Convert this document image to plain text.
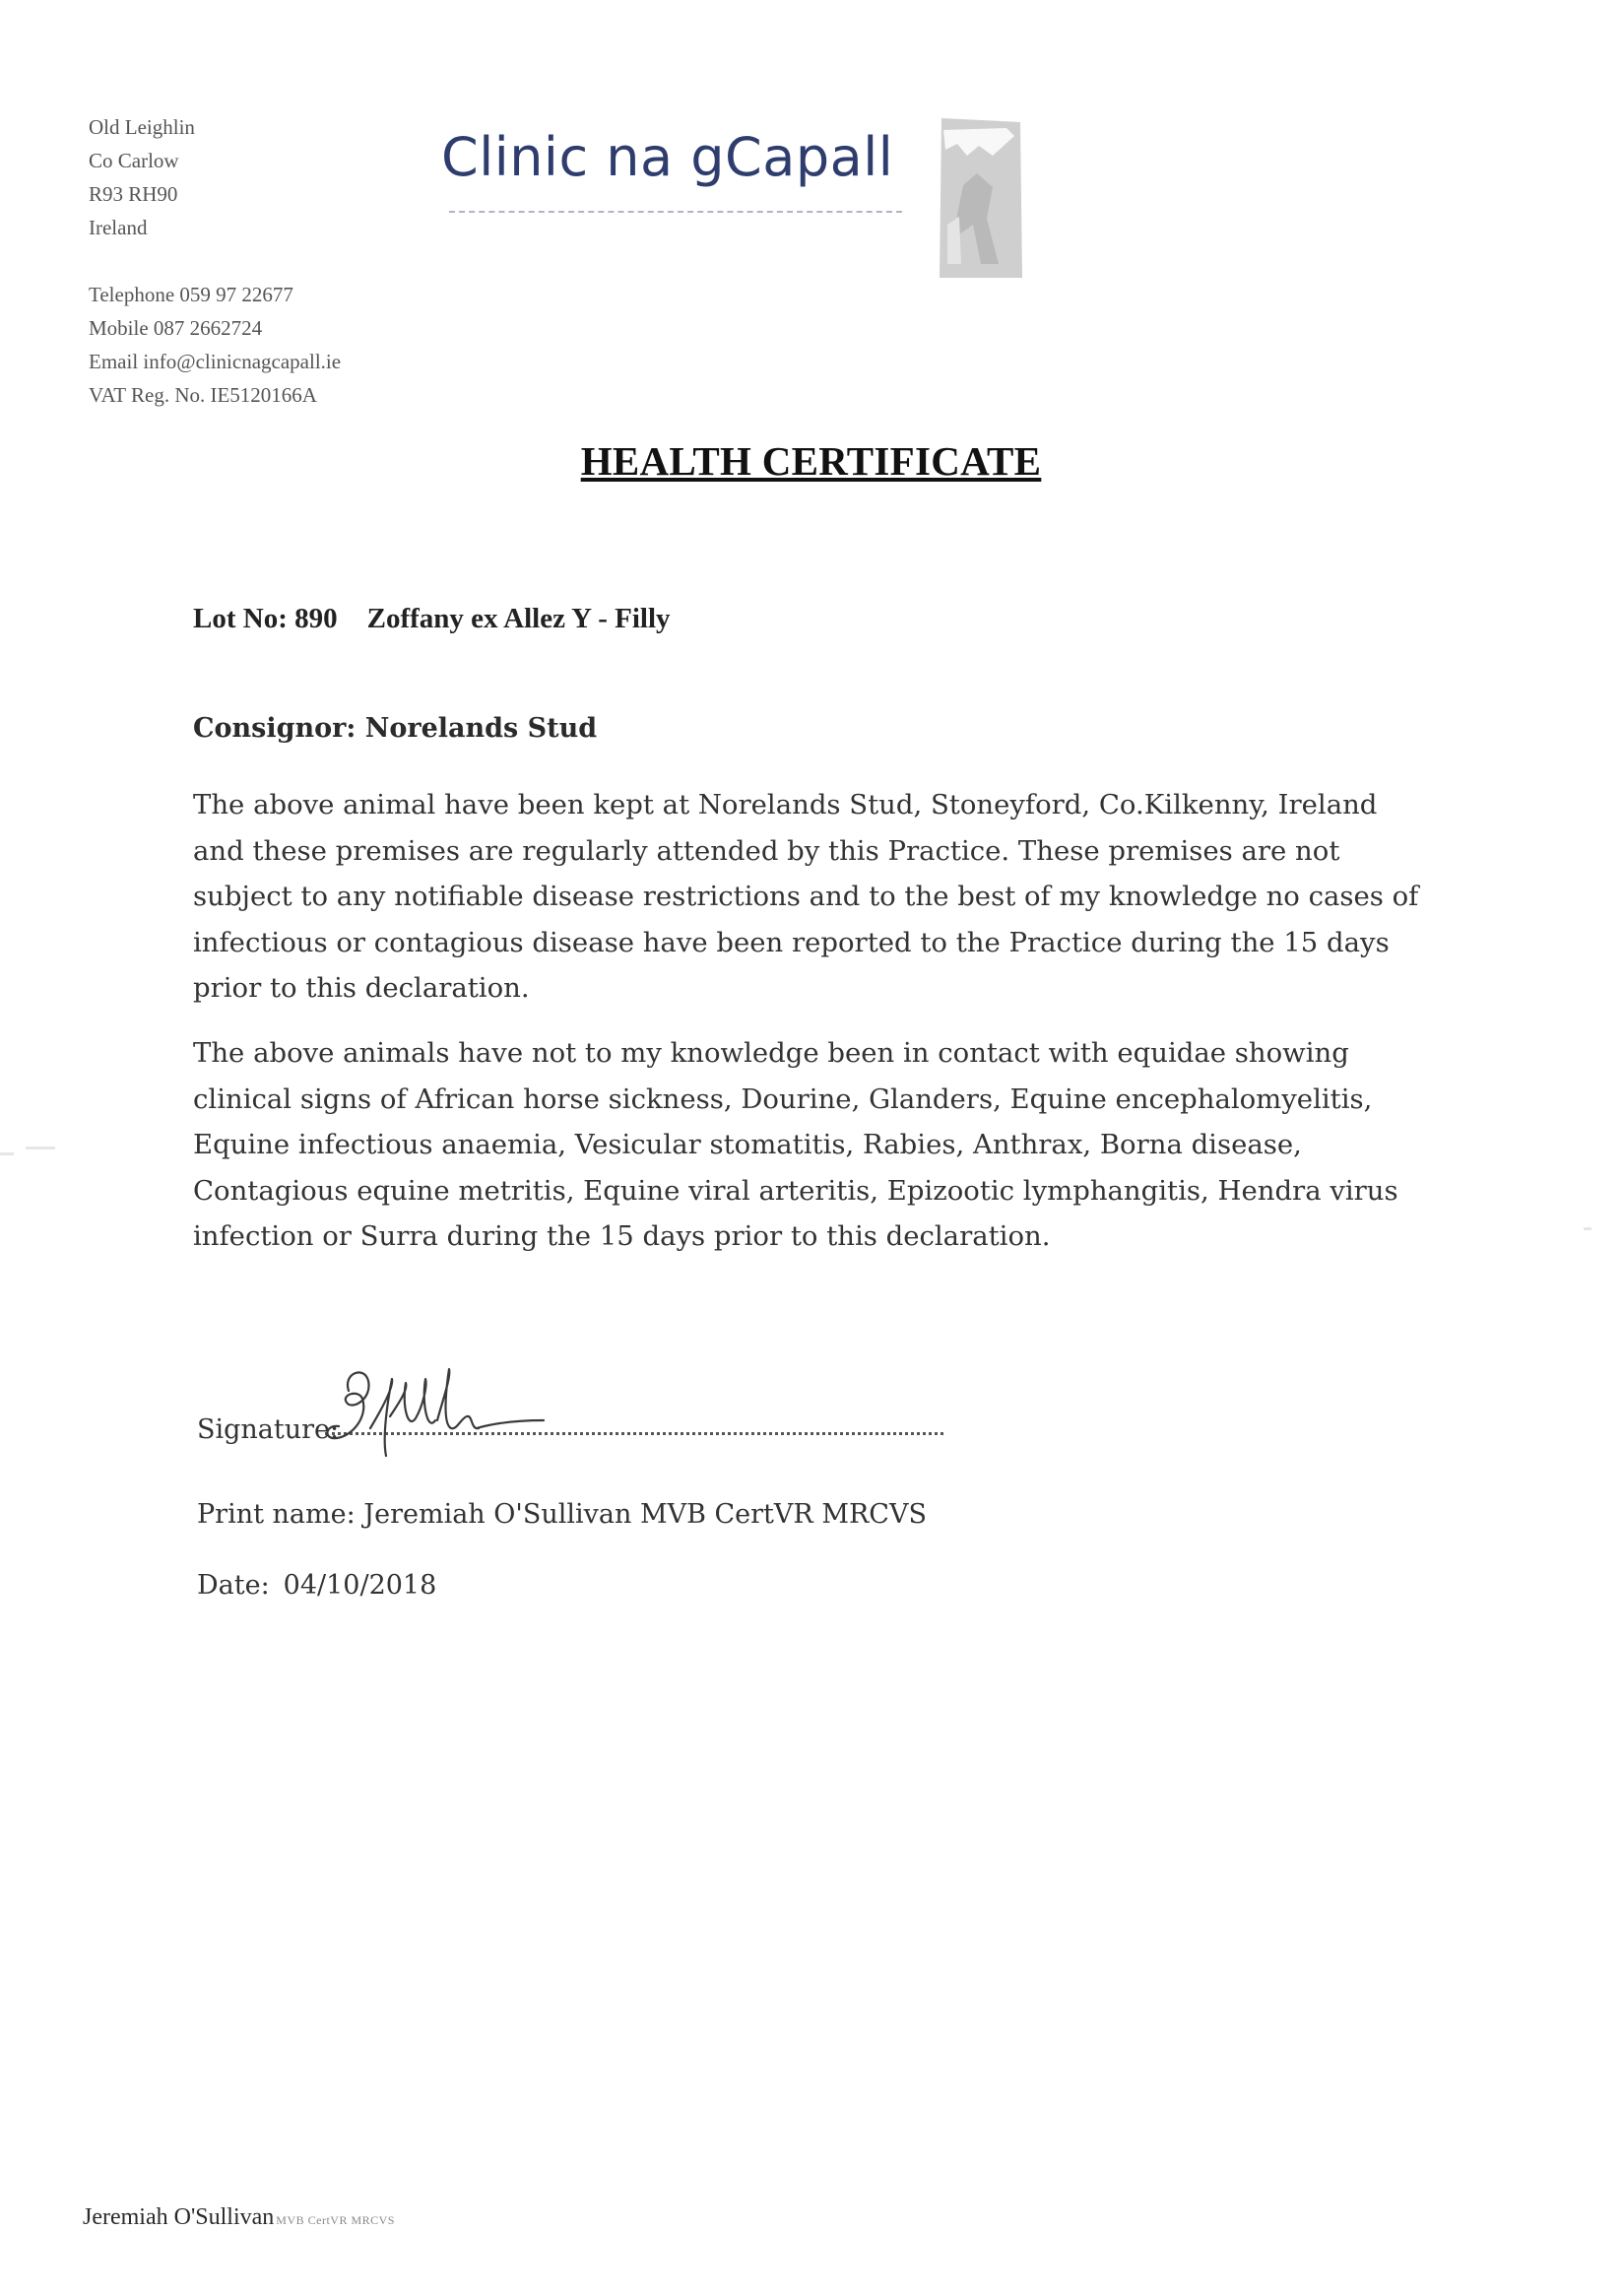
Old Leighlin
Co Carlow
R93 RH90
Ireland
Telephone 059 97 22677
Mobile 087 2662724
Email info@clinicnagcapall.ie
VAT Reg. No. IE5120166A
Clinic na gCapall
HEALTH CERTIFICATE
Lot No: 890 Zoffany ex Allez Y - Filly
Consignor: Norelands Stud
The above animal have been kept at Norelands Stud, Stoneyford, Co.Kilkenny, Ireland and these premises are regularly attended by this Practice. These premises are not subject to any notifiable disease restrictions and to the best of my knowledge no cases of infectious or contagious disease have been reported to the Practice during the 15 days prior to this declaration.
The above animals have not to my knowledge been in contact with equidae showing clinical signs of African horse sickness, Dourine, Glanders, Equine encephalomyelitis, Equine infectious anaemia, Vesicular stomatitis, Rabies, Anthrax, Borna disease, Contagious equine metritis, Equine viral arteritis, Epizootic lymphangitis, Hendra virus infection or Surra during the 15 days prior to this declaration.
Signature:
Print name: Jeremiah O'Sullivan MVB CertVR MRCVS
Date: 04/10/2018
Jeremiah O'Sullivan MVB CertVR MRCVS
